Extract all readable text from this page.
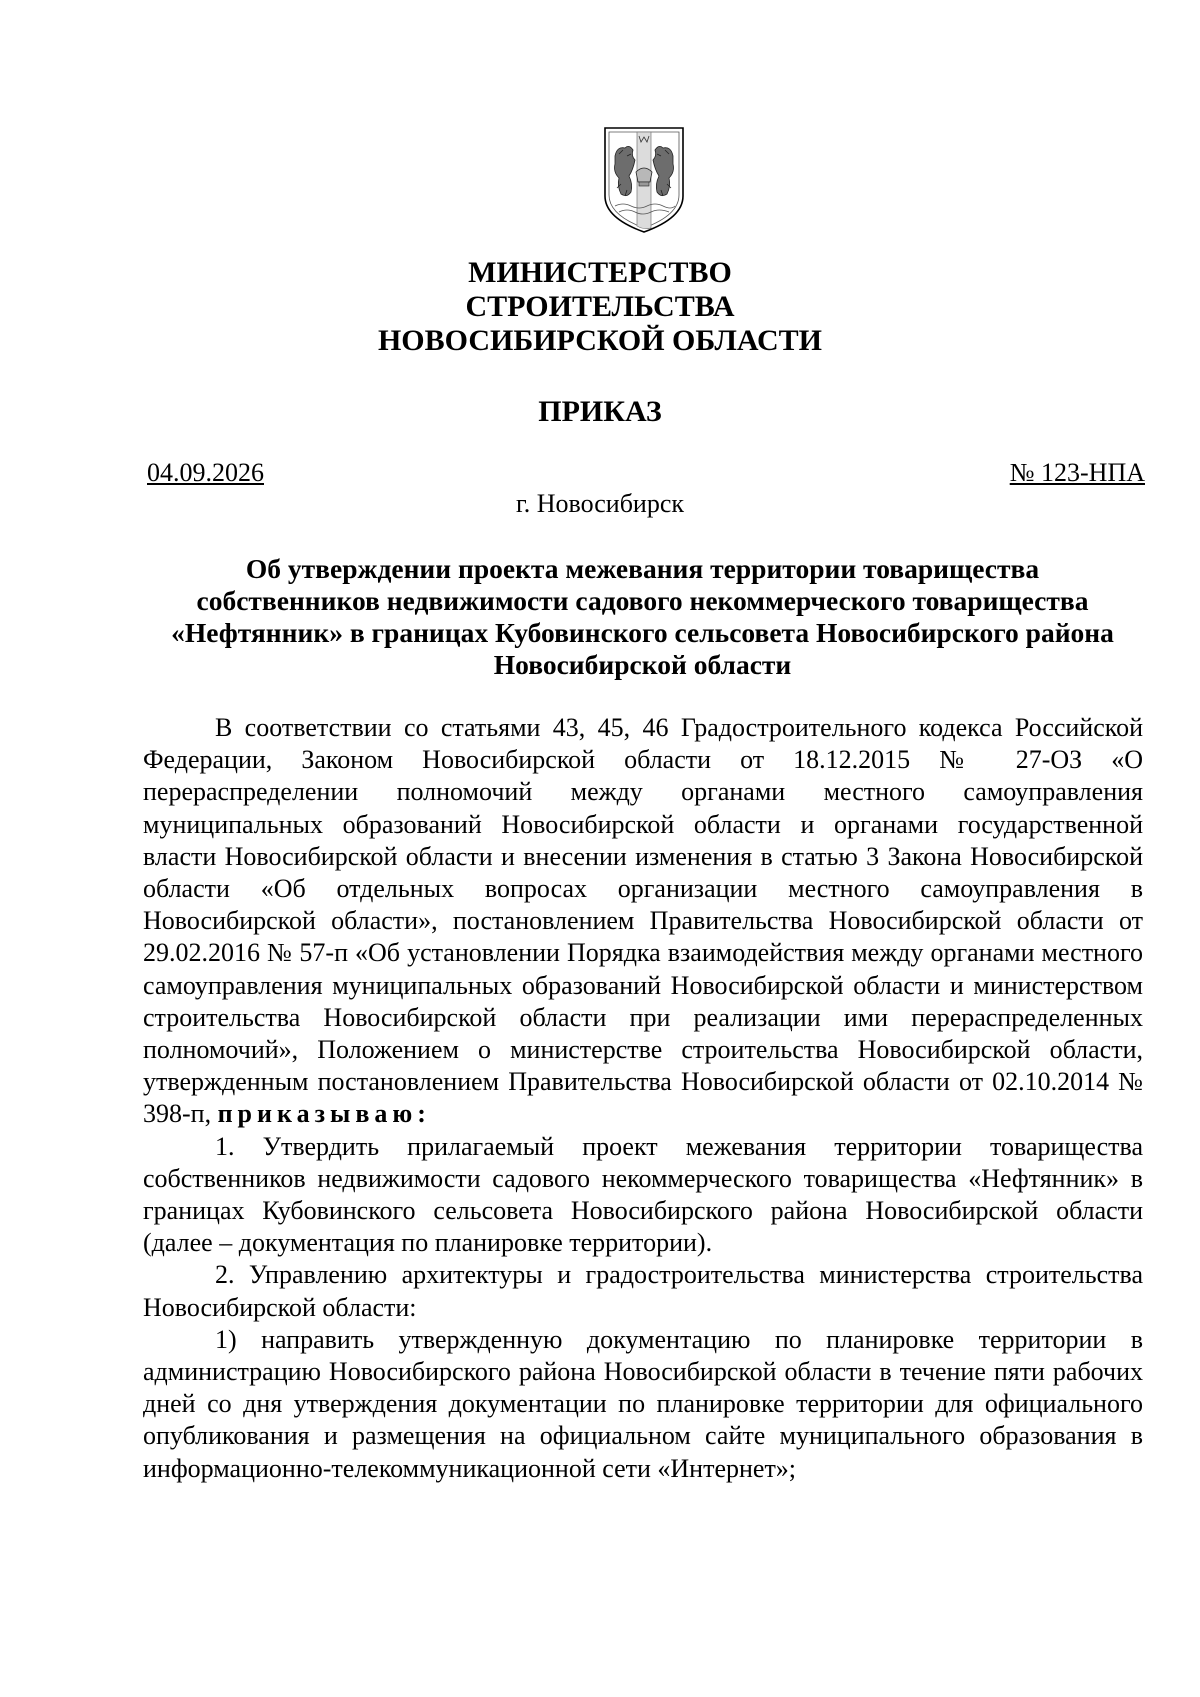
МИНИСТЕРСТВО
СТРОИТЕЛЬСТВА
НОВОСИБИРСКОЙ ОБЛАСТИ
ПРИКАЗ
04.09.2026	№ 123-НПА
г. Новосибирск
Об утверждении проекта межевания территории товарищества
собственников недвижимости садового некоммерческого товарищества
«Нефтянник» в границах Кубовинского сельсовета Новосибирского района
Новосибирской области

В соответствии со статьями 43, 45, 46 Градостроительного кодекса Российской Федерации, Законом Новосибирской области от 18.12.2015 № 27-ОЗ «О перераспределении полномочий между органами местного самоуправления муниципальных образований Новосибирской области и органами государственной власти Новосибирской области и внесении изменения в статью 3 Закона Новосибирской области «Об отдельных вопросах организации местного самоуправления в Новосибирской области», постановлением Правительства Новосибирской области от 29.02.2016 № 57-п «Об установлении Порядка взаимодействия между органами местного самоуправления муниципальных образований Новосибирской области и министерством строительства Новосибирской области при реализации ими перераспределенных полномочий», Положением о министерстве строительства Новосибирской области, утвержденным постановлением Правительства Новосибирской области от 02.10.2014 № 398-п, приказываю:

1. Утвердить прилагаемый проект межевания территории товарищества собственников недвижимости садового некоммерческого товарищества «Нефтянник» в границах Кубовинского сельсовета Новосибирского района Новосибирской области (далее – документация по планировке территории).

2. Управлению архитектуры и градостроительства министерства строительства Новосибирской области:

1) направить утвержденную документацию по планировке территории в администрацию Новосибирского района Новосибирской области в течение пяти рабочих дней со дня утверждения документации по планировке территории для официального опубликования и размещения на официальном сайте муниципального образования в информационно-телекоммуникационной сети «Интернет»;
